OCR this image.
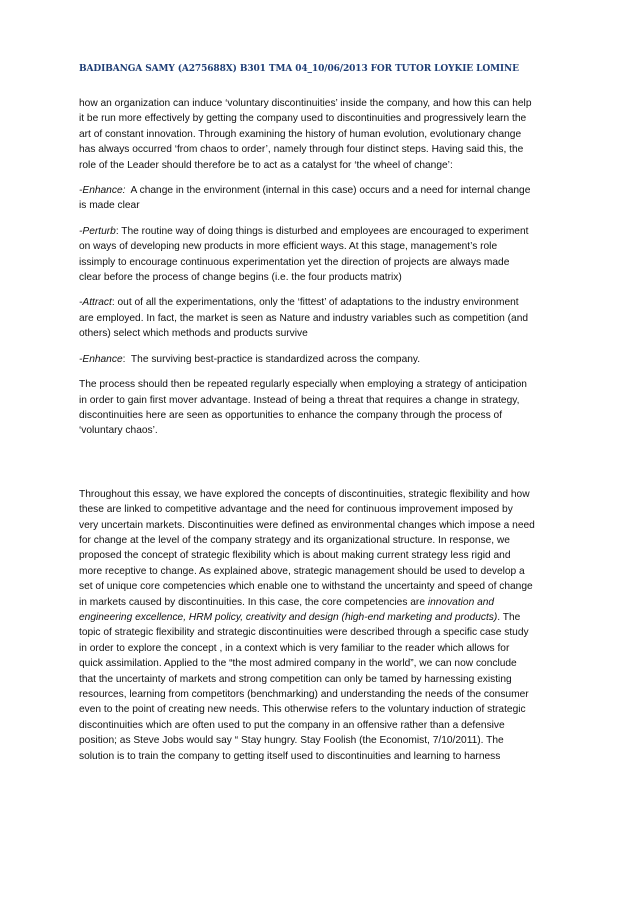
BADIBANGA SAMY (A275688X) B301 TMA 04_10/06/2013 FOR TUTOR LOYKIE LOMINE
how an organization can induce ‘voluntary discontinuities’ inside the company, and how this can help
it be run more effectively by getting the company used to discontinuities and progressively learn the
art of constant innovation. Through examining the history of human evolution, evolutionary change
has always occurred ‘from chaos to order’, namely through four distinct steps. Having said this, the
role of the Leader should therefore be to act as a catalyst for ‘the wheel of change’:
-Enhance:  A change in the environment (internal in this case) occurs and a need for internal change
is made clear
-Perturb: The routine way of doing things is disturbed and employees are encouraged to experiment
on ways of developing new products in more efficient ways. At this stage, management’s role
issimply to encourage continuous experimentation yet the direction of projects are always made
clear before the process of change begins (i.e. the four products matrix)
-Attract: out of all the experimentations, only the ‘fittest’ of adaptations to the industry environment
are employed. In fact, the market is seen as Nature and industry variables such as competition (and
others) select which methods and products survive
-Enhance:  The surviving best-practice is standardized across the company.
The process should then be repeated regularly especially when employing a strategy of anticipation
in order to gain first mover advantage. Instead of being a threat that requires a change in strategy,
discontinuities here are seen as opportunities to enhance the company through the process of
‘voluntary chaos’.
Throughout this essay, we have explored the concepts of discontinuities, strategic flexibility and how
these are linked to competitive advantage and the need for continuous improvement imposed by
very uncertain markets. Discontinuities were defined as environmental changes which impose a need
for change at the level of the company strategy and its organizational structure. In response, we
proposed the concept of strategic flexibility which is about making current strategy less rigid and
more receptive to change. As explained above, strategic management should be used to develop a
set of unique core competencies which enable one to withstand the uncertainty and speed of change
in markets caused by discontinuities. In this case, the core competencies are innovation and
engineering excellence, HRM policy, creativity and design (high-end marketing and products). The
topic of strategic flexibility and strategic discontinuities were described through a specific case study
in order to explore the concept , in a context which is very familiar to the reader which allows for
quick assimilation. Applied to the “the most admired company in the world”, we can now conclude
that the uncertainty of markets and strong competition can only be tamed by harnessing existing
resources, learning from competitors (benchmarking) and understanding the needs of the consumer
even to the point of creating new needs. This otherwise refers to the voluntary induction of strategic
discontinuities which are often used to put the company in an offensive rather than a defensive
position; as Steve Jobs would say “ Stay hungry. Stay Foolish (the Economist, 7/10/2011). The
solution is to train the company to getting itself used to discontinuities and learning to harness
